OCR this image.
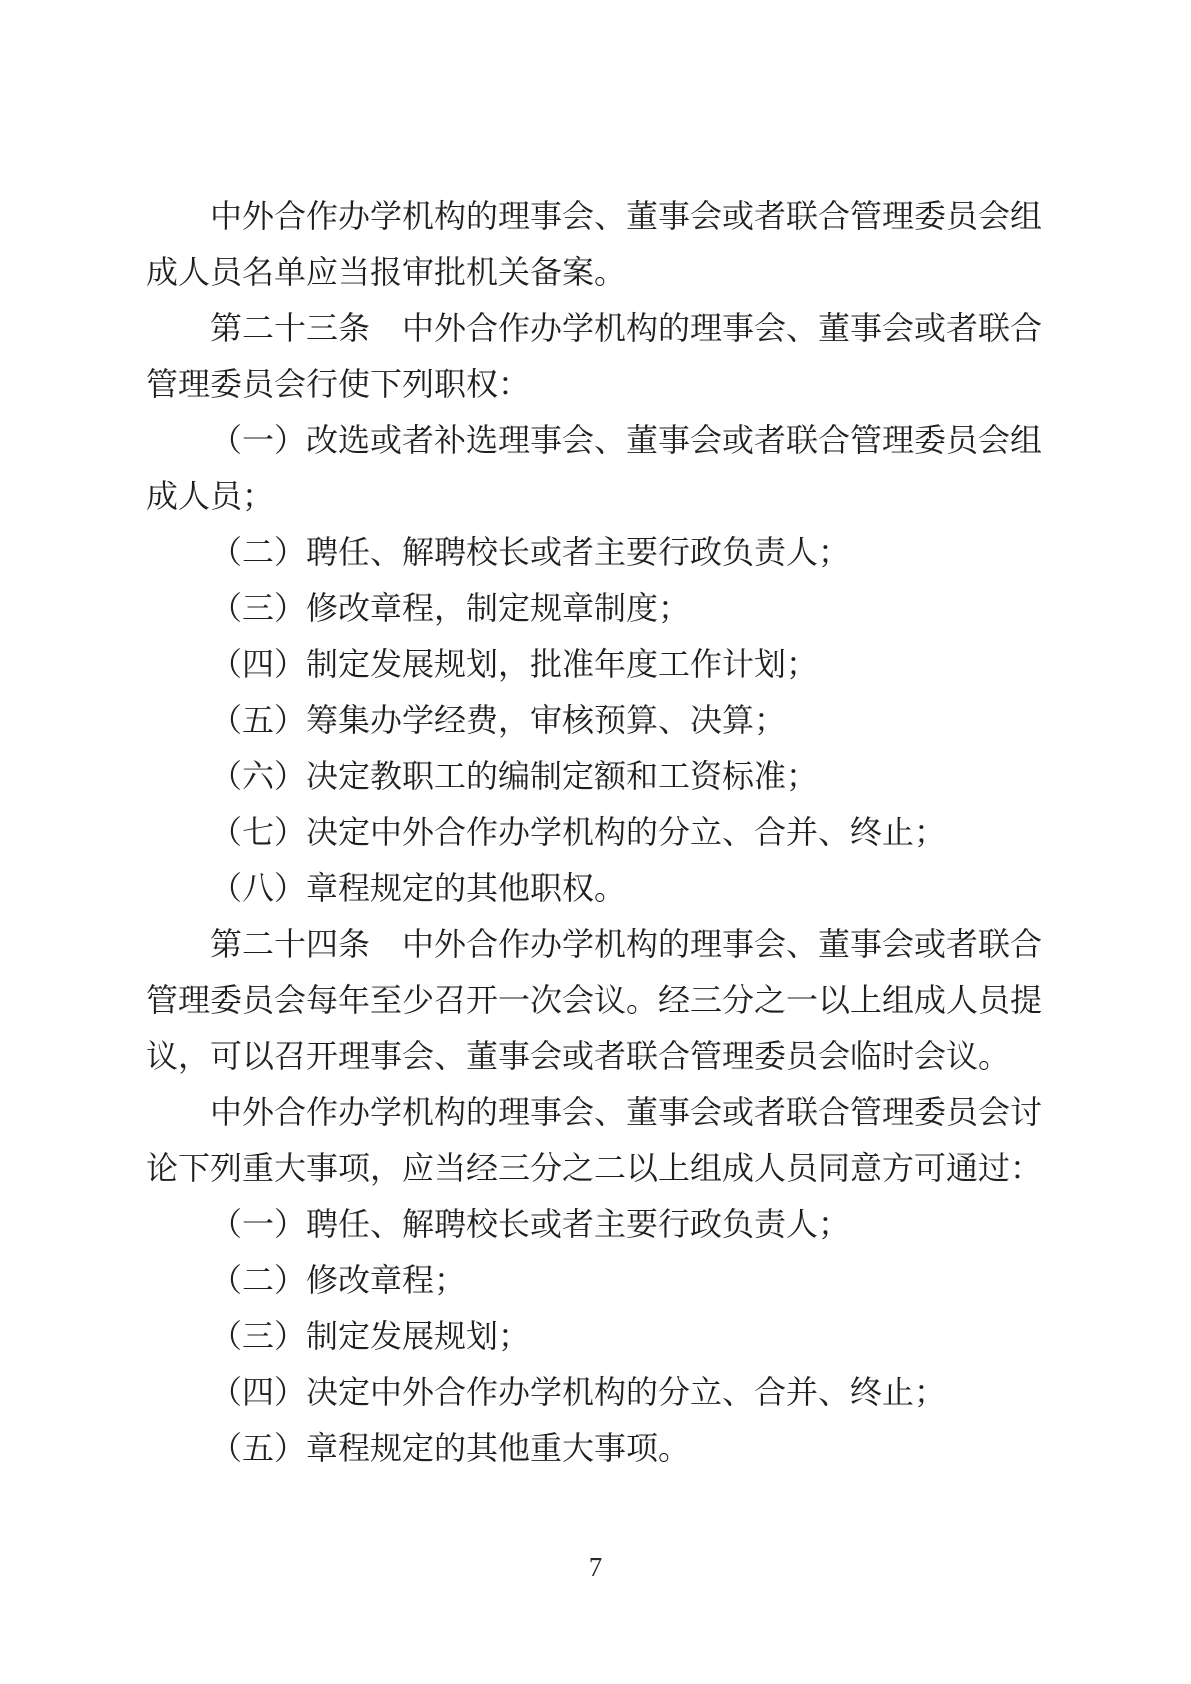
中外合作办学机构的理事会、董事会或者联合管理委员会组
成人员名单应当报审批机关备案。
第二十三条　中外合作办学机构的理事会、董事会或者联合
管理委员会行使下列职权：
（一）改选或者补选理事会、董事会或者联合管理委员会组
成人员；
（二）聘任、解聘校长或者主要行政负责人；
（三）修改章程，制定规章制度；
（四）制定发展规划，批准年度工作计划；
（五）筹集办学经费，审核预算、决算；
（六）决定教职工的编制定额和工资标准；
（七）决定中外合作办学机构的分立、合并、终止；
（八）章程规定的其他职权。
第二十四条　中外合作办学机构的理事会、董事会或者联合
管理委员会每年至少召开一次会议。经三分之一以上组成人员提
议，可以召开理事会、董事会或者联合管理委员会临时会议。
中外合作办学机构的理事会、董事会或者联合管理委员会讨
论下列重大事项，应当经三分之二以上组成人员同意方可通过：
（一）聘任、解聘校长或者主要行政负责人；
（二）修改章程；
（三）制定发展规划；
（四）决定中外合作办学机构的分立、合并、终止；
（五）章程规定的其他重大事项。
7
